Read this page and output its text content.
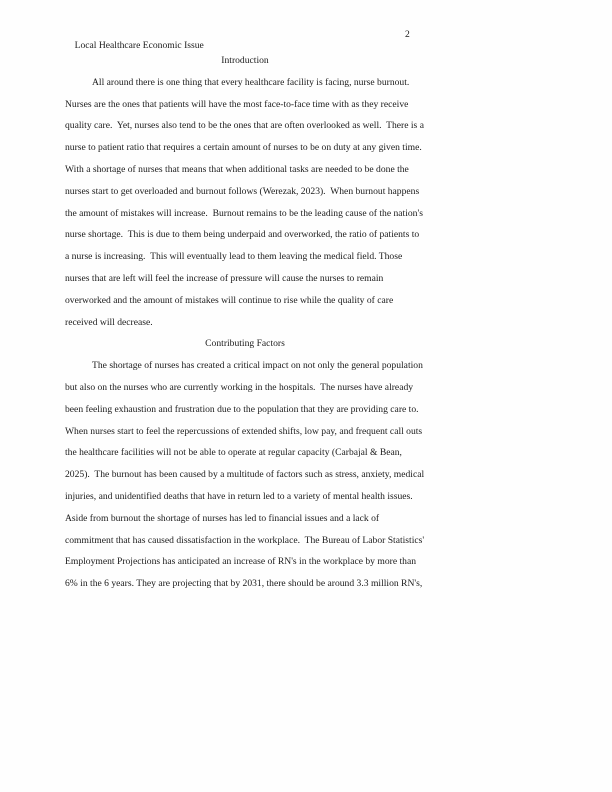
Local Healthcare Economic Issue

2

Introduction
All around there is one thing that every healthcare facility is facing, nurse burnout.
Nurses are the ones that patients will have the most face-to-face time with as they receive
quality care.  Yet, nurses also tend to be the ones that are often overlooked as well.  There is a
nurse to patient ratio that requires a certain amount of nurses to be on duty at any given time.
With a shortage of nurses that means that when additional tasks are needed to be done the
nurses start to get overloaded and burnout follows (Werezak, 2023).  When burnout happens
the amount of mistakes will increase.  Burnout remains to be the leading cause of the nation's
nurse shortage.  This is due to them being underpaid and overworked, the ratio of patients to
a nurse is increasing.  This will eventually lead to them leaving the medical field. Those
nurses that are left will feel the increase of pressure will cause the nurses to remain
overworked and the amount of mistakes will continue to rise while the quality of care
received will decrease.
Contributing Factors
The shortage of nurses has created a critical impact on not only the general population
but also on the nurses who are currently working in the hospitals.  The nurses have already
been feeling exhaustion and frustration due to the population that they are providing care to.
When nurses start to feel the repercussions of extended shifts, low pay, and frequent call outs
the healthcare facilities will not be able to operate at regular capacity (Carbajal & Bean,
2025).  The burnout has been caused by a multitude of factors such as stress, anxiety, medical
injuries, and unidentified deaths that have in return led to a variety of mental health issues.
Aside from burnout the shortage of nurses has led to financial issues and a lack of
commitment that has caused dissatisfaction in the workplace.  The Bureau of Labor Statistics'
Employment Projections has anticipated an increase of RN's in the workplace by more than
6% in the 6 years. They are projecting that by 2031, there should be around 3.3 million RN's,
